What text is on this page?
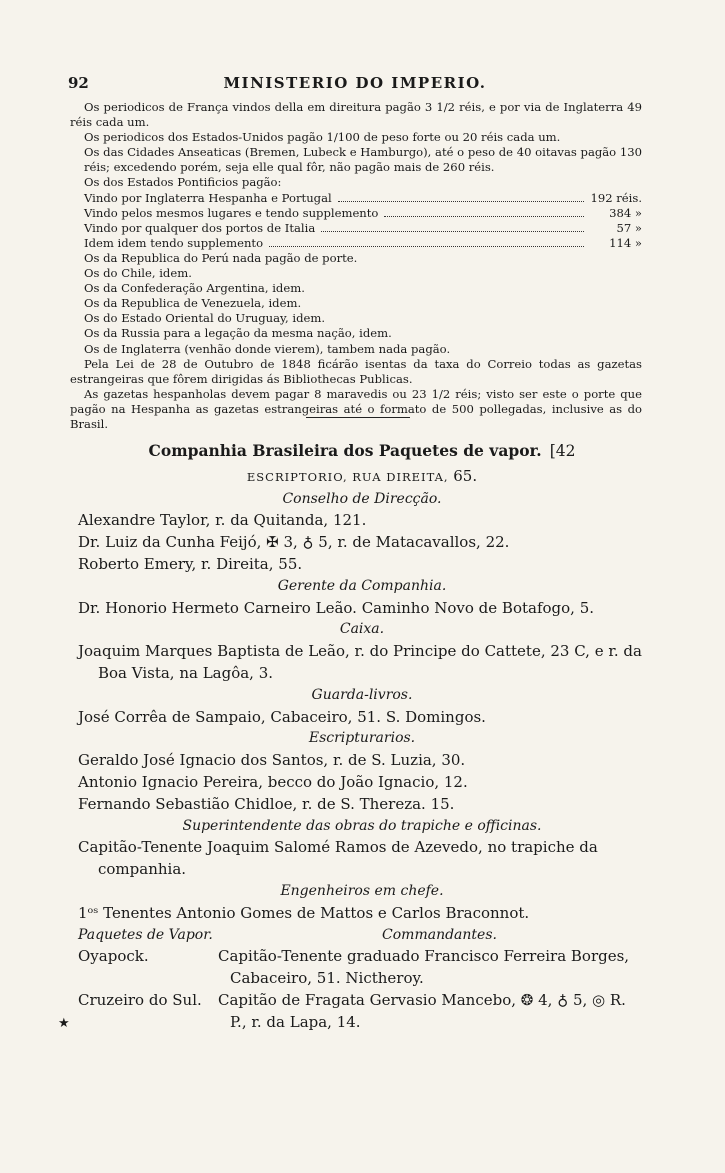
92	MINISTERIO DO IMPERIO.

Os periodicos de França vindos della em direitura pagão 3 1/2 réis, e por via de Inglaterra 49 réis cada um.

Os periodicos dos Estados-Unidos pagão 1/100 de peso forte ou 20 réis cada um.

Os das Cidades Anseaticas (Bremen, Lubeck e Hamburgo), até o peso de 40 oitavas pagão 130 réis; excedendo porém, seja elle qual fôr, não pagão mais de 260 réis.

Os dos Estados Pontificios pagão:

Vindo por Inglaterra Hespanha e Portugal	192 réis.
Vindo pelos mesmos lugares e tendo supplemento	384 »
Vindo por qualquer dos portos de Italia	57 »
Idem idem tendo supplemento	114 »

Os da Republica do Perú nada pagão de porte.

Os do Chile, idem.

Os da Confederação Argentina, idem.

Os da Republica de Venezuela, idem.

Os do Estado Oriental do Uruguay, idem.

Os da Russia para a legação da mesma nação, idem.

Os de Inglaterra (venhão donde vierem), tambem nada pagão.

Pela Lei de 28 de Outubro de 1848 ficárão isentas da taxa do Correio todas as gazetas estrangeiras que fôrem dirigidas ás Bibliothecas Publicas.

As gazetas hespanholas devem pagar 8 maravedis ou 23 1/2 réis; visto ser este o porte que pagão na Hespanha as gazetas estrangeiras até o formato de 500 pollegadas, inclusive as do Brasil.

Companhia Brasileira dos Paquetes de vapor. [42
ESCRIPTORIO, RUA DIREITA, 65.
Conselho de Direcção.
Alexandre Taylor, r. da Quitanda, 121.
Dr. Luiz da Cunha Feijó, ✠ 3, ♁ 5, r. de Matacavallos, 22.
Roberto Emery, r. Direita, 55.
Gerente da Companhia.
Dr. Honorio Hermeto Carneiro Leão. Caminho Novo de Botafogo, 5.
Caixa.
Joaquim Marques Baptista de Leão, r. do Principe do Cattete, 23 C, e r. da Boa Vista, na Lagôa, 3.
Guarda-livros.
José Corrêa de Sampaio, Cabaceiro, 51. S. Domingos.
Escripturarios.
Geraldo José Ignacio dos Santos, r. de S. Luzia, 30.
Antonio Ignacio Pereira, becco do João Ignacio, 12.
Fernando Sebastião Chidloe, r. de S. Thereza. 15.
Superintendente das obras do trapiche e officinas.
Capitão-Tenente Joaquim Salomé Ramos de Azevedo, no trapiche da companhia.
Engenheiros em chefe.
1ᵒˢ Tenentes Antonio Gomes de Mattos e Carlos Braconnot.
Paquetes de Vapor.	Commandantes.
Oyapock.	Capitão-Tenente graduado Francisco Ferreira Borges, Cabaceiro, 51. Nictheroy.
Cruzeiro do Sul.	Capitão de Fragata Gervasio Mancebo, ❂ 4, ♁ 5, ◎ R. P., r. da Lapa, 14.
★
